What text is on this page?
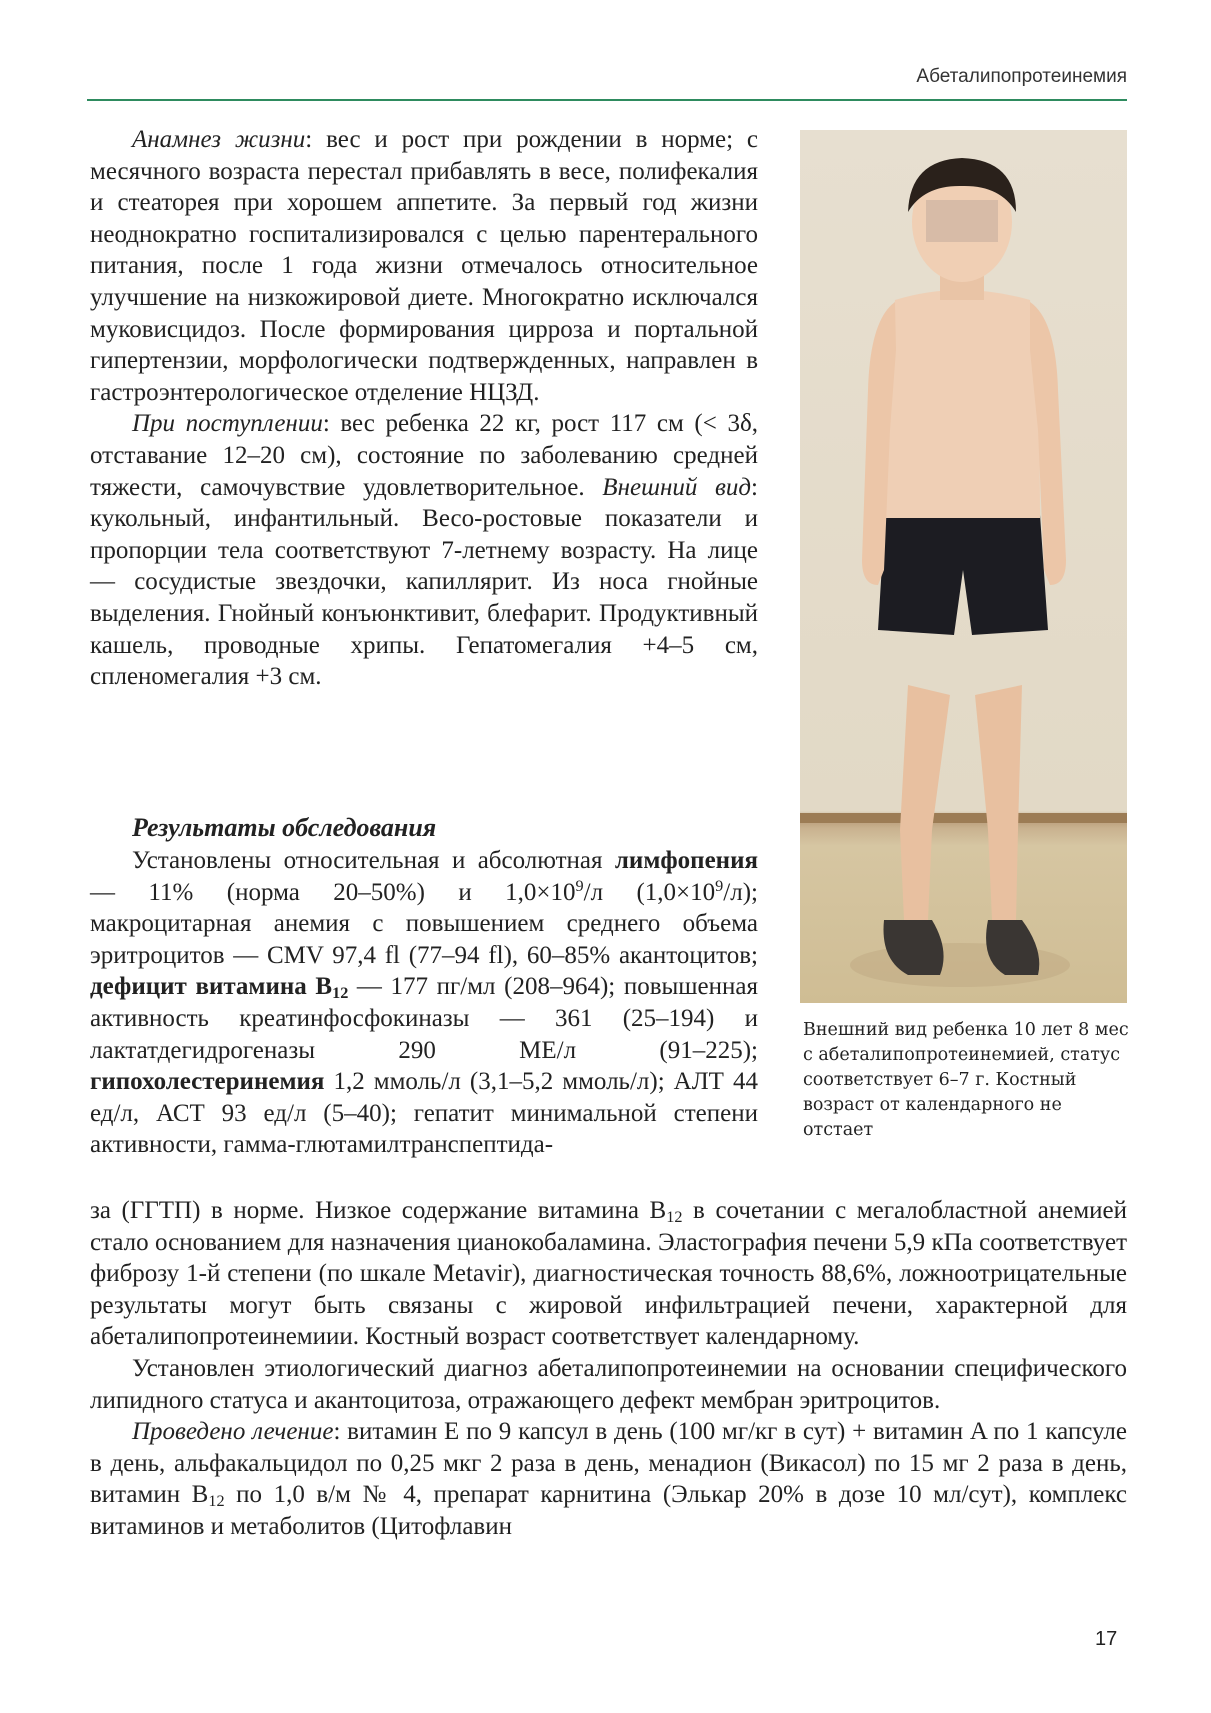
Абеталипопротеинемия

Анамнез жизни: вес и рост при рождении в норме; с месячного возраста перестал прибавлять в весе, полифекалия и стеаторея при хорошем аппетите. За первый год жизни неоднократно госпитализировался с целью парентерального питания, после 1 года жизни отмечалось относительное улучшение на низкожировой диете. Многократно исключался муковисцидоз. После формирования цирроза и портальной гипертензии, морфологически подтвержденных, направлен в гастроэнтерологическое отделение НЦЗД.

При поступлении: вес ребенка 22 кг, рост 117 см (< 3δ, отставание 12–20 см), состояние по заболеванию средней тяжести, самочувствие удовлетворительное. Внешний вид: кукольный, инфантильный. Весо-ростовые показатели и пропорции тела соответствуют 7-летнему возрасту. На лице — сосудистые звездочки, капиллярит. Из носа гнойные выделения. Гнойный конъюнктивит, блефарит. Продуктивный кашель, проводные хрипы. Гепатомегалия +4–5 см, спленомегалия +3 см.

Результаты обследования

Установлены относительная и абсолютная лимфопения — 11% (норма 20–50%) и $1,0\times 10^9/л$ $(1,0\times 10^9/л)$; макроцитарная анемия с повышением среднего объема эритроцитов — CMV 97,4 fl (77–94 fl), 60–85% акантоцитов; дефицит витамина $B_{12}$ — 177 пг/мл (208–964); повышенная активность креатинфосфокиназы — 361 (25–194) и лактатдегидрогеназы 290 МЕ/л (91–225); гипохолестеринемия 1,2 ммоль/л (3,1–5,2 ммоль/л); АЛТ 44 ед/л, АСТ 93 ед/л (5–40); гепатит минимальной степени активности, гамма-глютамилтранспептида-

за (ГГТП) в норме. Низкое содержание витамина $B_{12}$ в сочетании с мегалобластной анемией стало основанием для назначения цианокобаламина. Эластография печени 5,9 кПа соответствует фиброзу 1-й степени (по шкале Metavir), диагностическая точность 88,6%, ложноотрицательные результаты могут быть связаны с жировой инфильтрацией печени, характерной для абеталипопротеинемиии. Костный возраст соответствует календарному.

Установлен этиологический диагноз абеталипопротеинемии на основании специфического липидного статуса и акантоцитоза, отражающего дефект мембран эритроцитов.

Проведено лечение: витамин E по 9 капсул в день (100 мг/кг в сут) + витамин A по 1 капсуле в день, альфакальцидол по 0,25 мкг 2 раза в день, менадион (Викасол) по 15 мг 2 раза в день, витамин $B_{12}$ по 1,0 в/м № 4, препарат карнитина (Элькар 20% в дозе 10 мл/сут), комплекс витаминов и метаболитов (Цитофлавин

Внешний вид ребенка 10 лет 8 мес с абеталипопротеинемией, статус соответствует 6–7 г. Костный возраст от календарного не отстает

17
